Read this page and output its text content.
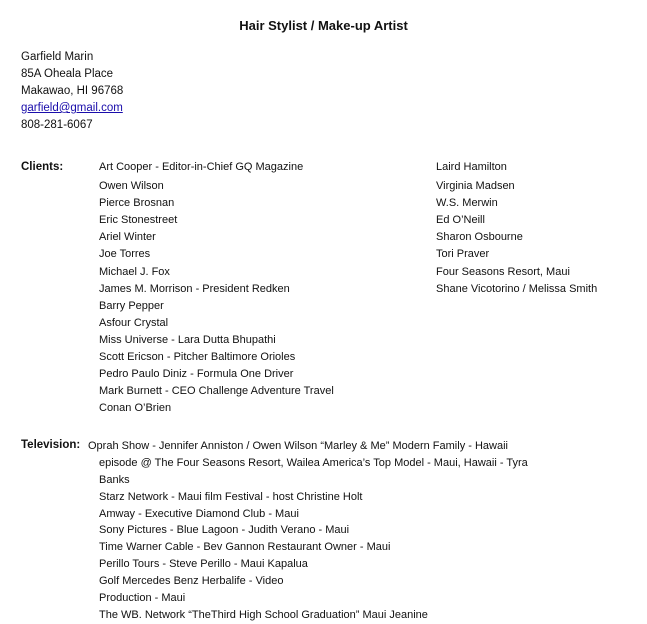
Hair Stylist / Make-up Artist
Garfield Marin
85A Oheala Place
Makawao, HI 96768
garfield@gmail.com
808-281-6067
Clients:	Art Cooper - Editor-in-Chief GQ Magazine
Owen Wilson
Pierce Brosnan
Eric Stonestreet
Ariel Winter
Joe Torres
Michael J. Fox
James M. Morrison - President Redken
Barry Pepper
Asfour Crystal
Miss Universe - Lara Dutta Bhupathi
Scott Ericson - Pitcher Baltimore Orioles
Pedro Paulo Diniz - Formula One Driver
Mark Burnett - CEO Challenge Adventure Travel
Conan O’Brien
Laird Hamilton
Virginia Madsen
W.S. Merwin
Ed O’Neill
Sharon Osbourne
Tori Praver
Four Seasons Resort, Maui
Shane Vicotorino / Melissa Smith
Television: Oprah Show - Jennifer Anniston / Owen Wilson “Marley & Me” Modern Family - Hawaii
episode @ The Four Seasons Resort, Wailea America’s Top Model - Maui, Hawaii - Tyra
Banks
Starz Network - Maui film Festival - host Christine Holt
Amway - Executive Diamond Club - Maui
Sony Pictures - Blue Lagoon - Judith Verano - Maui
Time Warner Cable - Bev Gannon Restaurant Owner - Maui
Perillo Tours - Steve Perillo - Maui Kapalua
Golf Mercedes Benz Herbalife - Video
Production - Maui
The WB. Network “TheThird High School Graduation” Maui Jeanine
